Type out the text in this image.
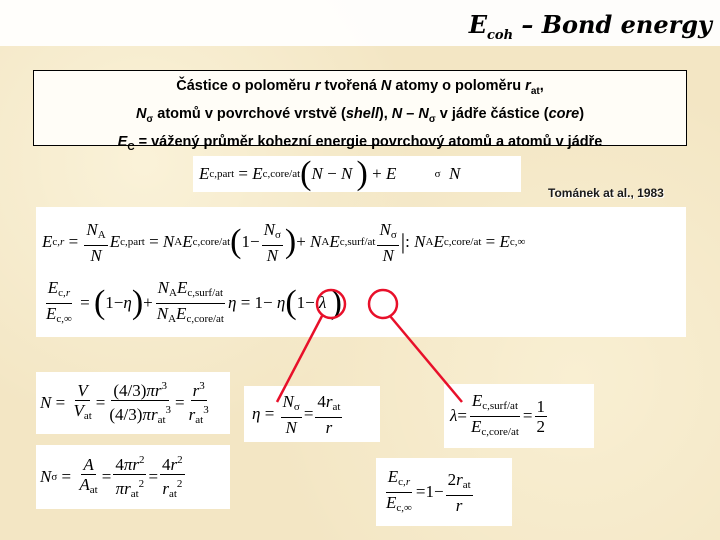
$E_{coh}$ – Bond energy
Částice o poloměru r tvořená N atomy o poloměru $r_{at}$,
$N_\sigma$ atomů v povrchové vrstvě (shell), N – $N_\sigma$ v jádře částice (core)
$E_C$ = vážený průměr kohezní energie povrchový atomů a atomů v jádře
E c,part = E c,core/at ( N − N
) + E
	σ
N
Tománek at al., 1983
E $c,r = \frac{N_A}{N}$ E c,part = N A E c,core/at ( $1- \frac{N_\sigma}{N}$ ) + N A E c,surf/at $\frac{N_\sigma}{N}$ | : N A E c,core/at = E c,∞
$\frac{E_{c,r}}{E_{c,\infty}}$ = ( 1− η ) + $\frac{N_AE_{c,surf/at}}{N_AE_{c,core/at}}$ η = 1− η ( 1− λ
)
$N = \frac{V}{V_{at}} = \frac{(4/3)\pi r^3}{(4/3)\pi r_{at}^3} = \frac{r^3}{r_{at}^3}$
N $\sigma = \frac{A}{A_{at}} = \frac{4\pi r^2}{\pi r_{at}^2} = \frac{4r^2}{r_{at}^2}$
$\eta = \frac{N_\sigma}{N} = \frac{4r_{at}}{r}$	$\lambda = \frac{E_{c,surf/at}}{E_{c,core/at}} = \frac{1}{2}$
$\frac{E_{c,r}}{E_{c,\infty}} =1- \frac{2r_{at}}{r}$
